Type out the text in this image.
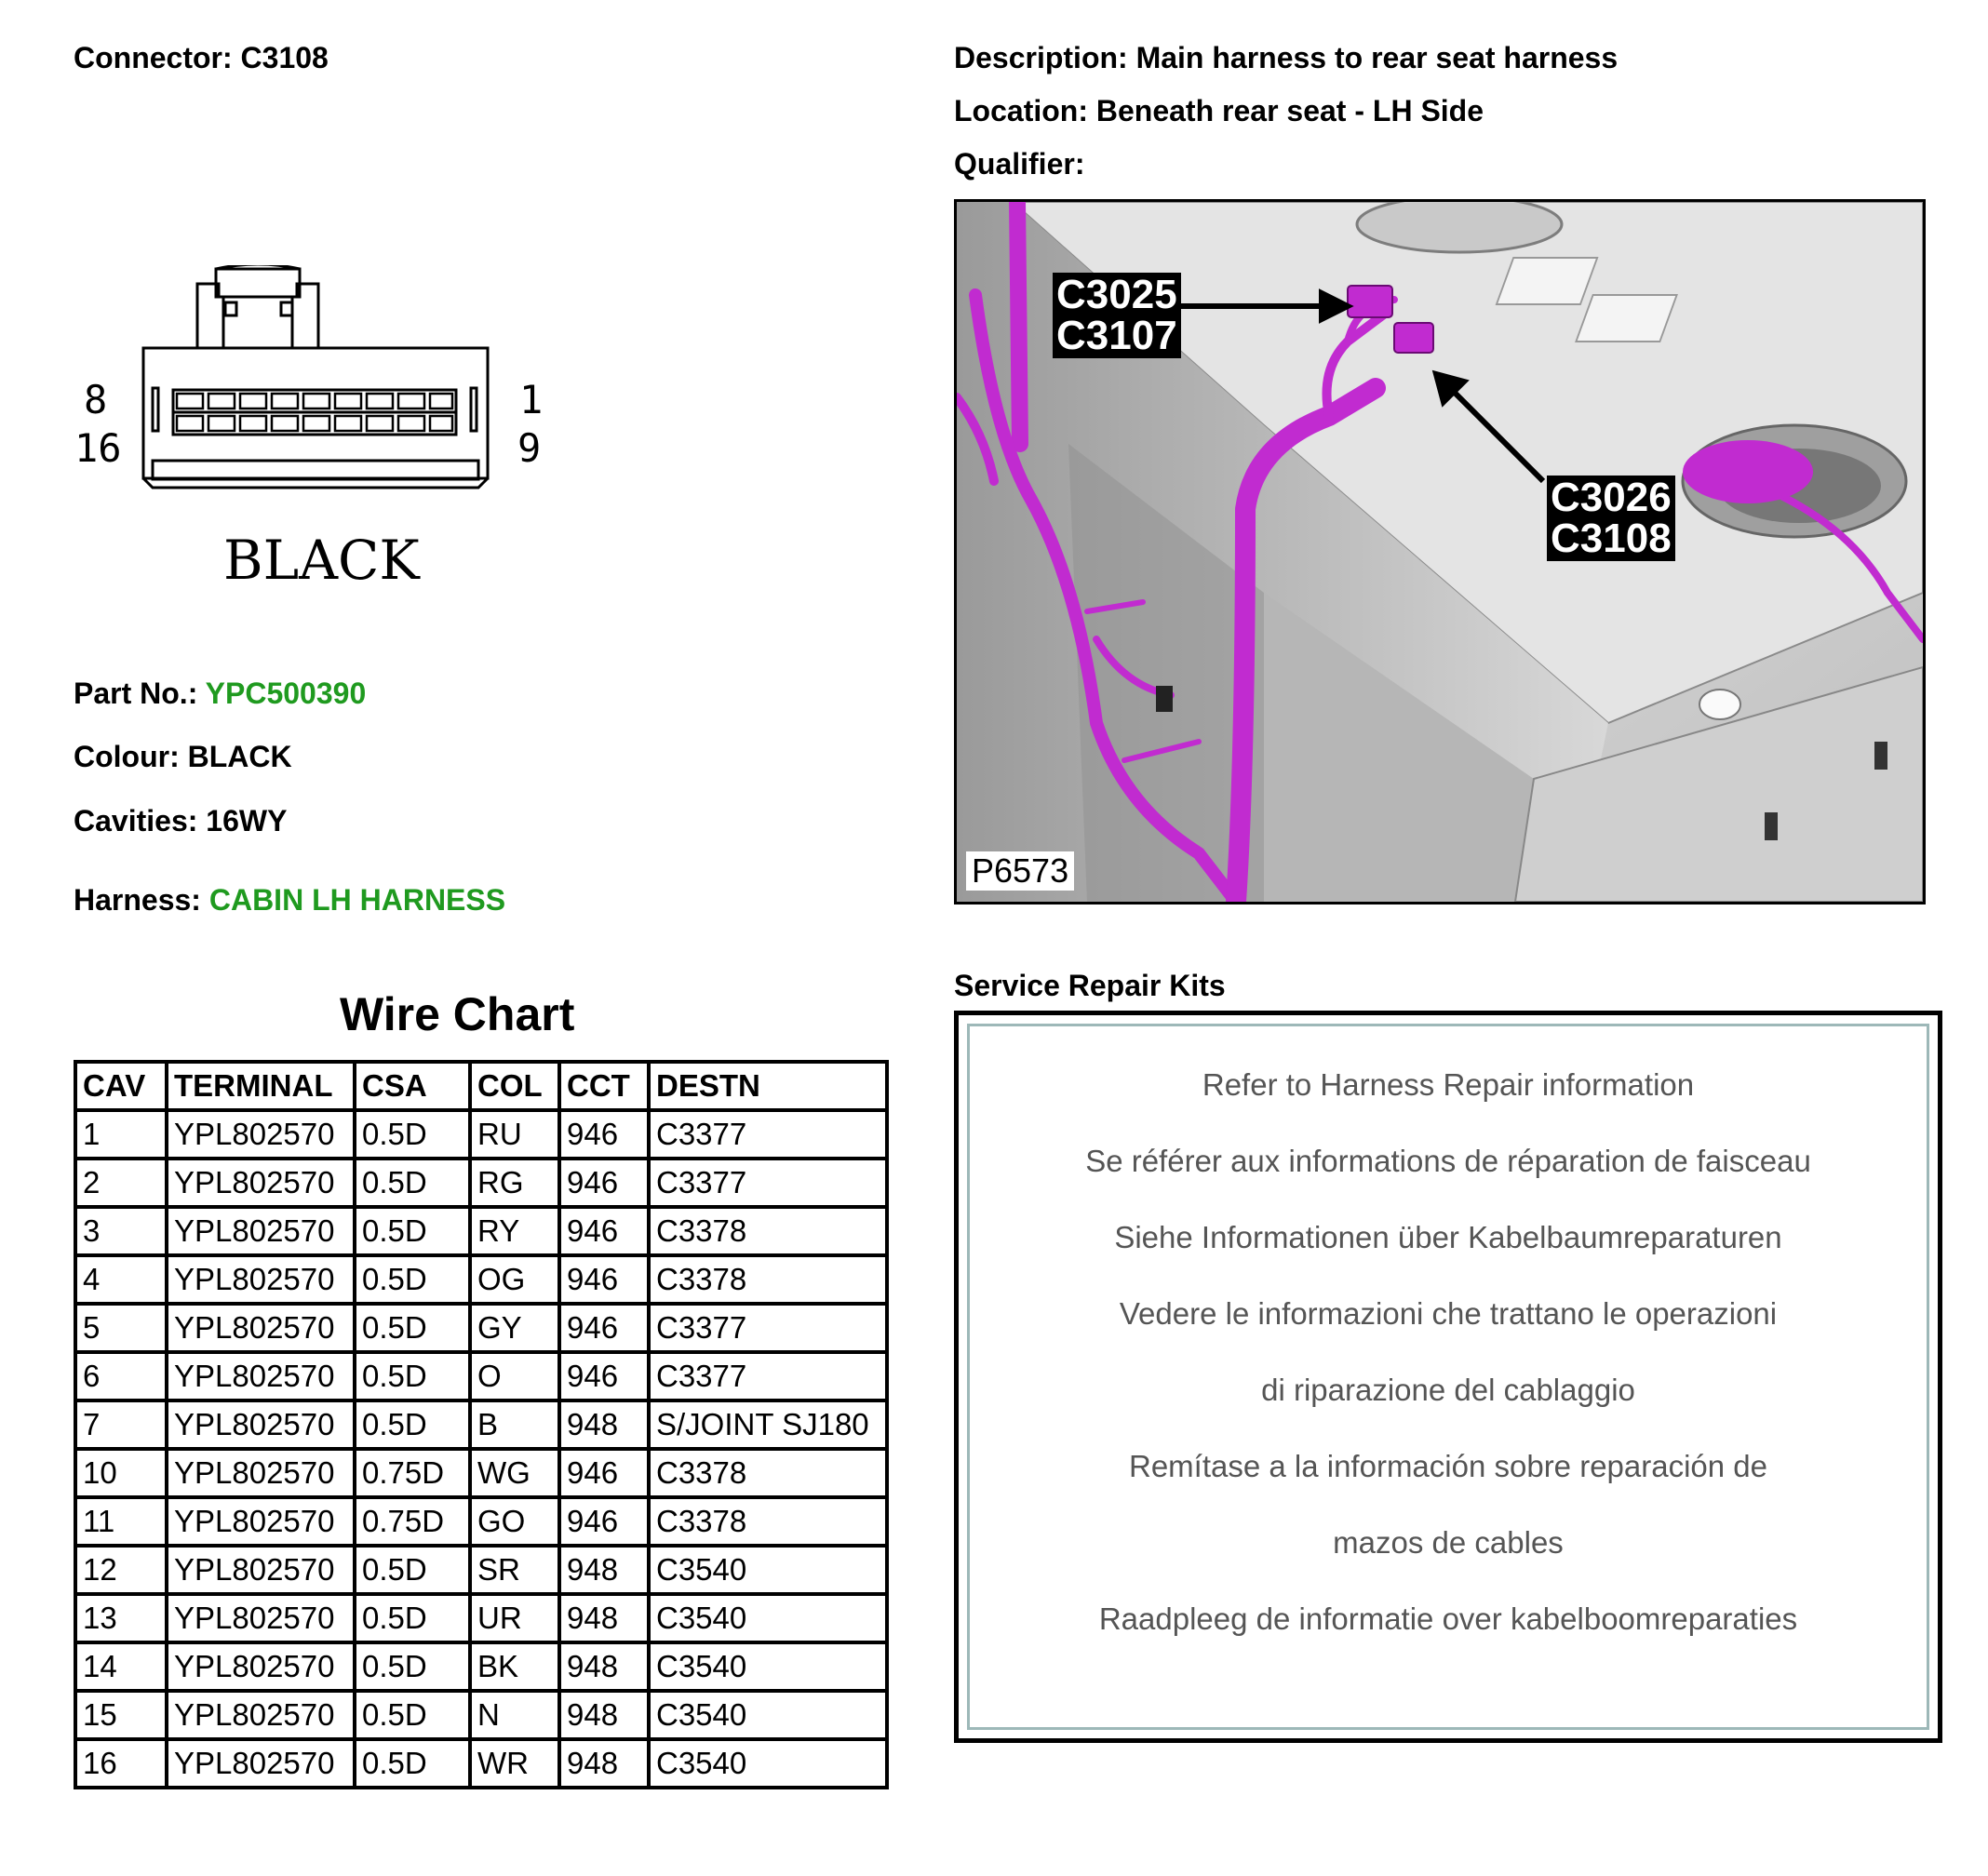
Connector: C3108
8
16
1
9
BLACK
Part No.: YPC500390
Colour: BLACK
Cavities: 16WY
Harness: CABIN LH HARNESS
Wire Chart
CAV	TERMINAL	CSA	COL	CCT	DESTN
1	YPL802570	0.5D	RU	946	C3377
2	YPL802570	0.5D	RG	946	C3377
3	YPL802570	0.5D	RY	946	C3378
4	YPL802570	0.5D	OG	946	C3378
5	YPL802570	0.5D	GY	946	C3377
6	YPL802570	0.5D	O	946	C3377
7	YPL802570	0.5D	B	948	S/JOINT SJ180
10	YPL802570	0.75D	WG	946	C3378
11	YPL802570	0.75D	GO	946	C3378
12	YPL802570	0.5D	SR	948	C3540
13	YPL802570	0.5D	UR	948	C3540
14	YPL802570	0.5D	BK	948	C3540
15	YPL802570	0.5D	N	948	C3540
16	YPL802570	0.5D	WR	948	C3540
Description: Main harness to rear seat harness
Location: Beneath rear seat - LH Side
Qualifier:
C3025
C3107
C3026
C3108
P6573
Service Repair Kits
Refer to Harness Repair information
Se référer aux informations de réparation de faisceau
Siehe Informationen über Kabelbaumreparaturen
Vedere le informazioni che trattano le operazioni
di riparazione del cablaggio
Remítase a la información sobre reparación de
mazos de cables
Raadpleeg de informatie over kabelboomreparaties
